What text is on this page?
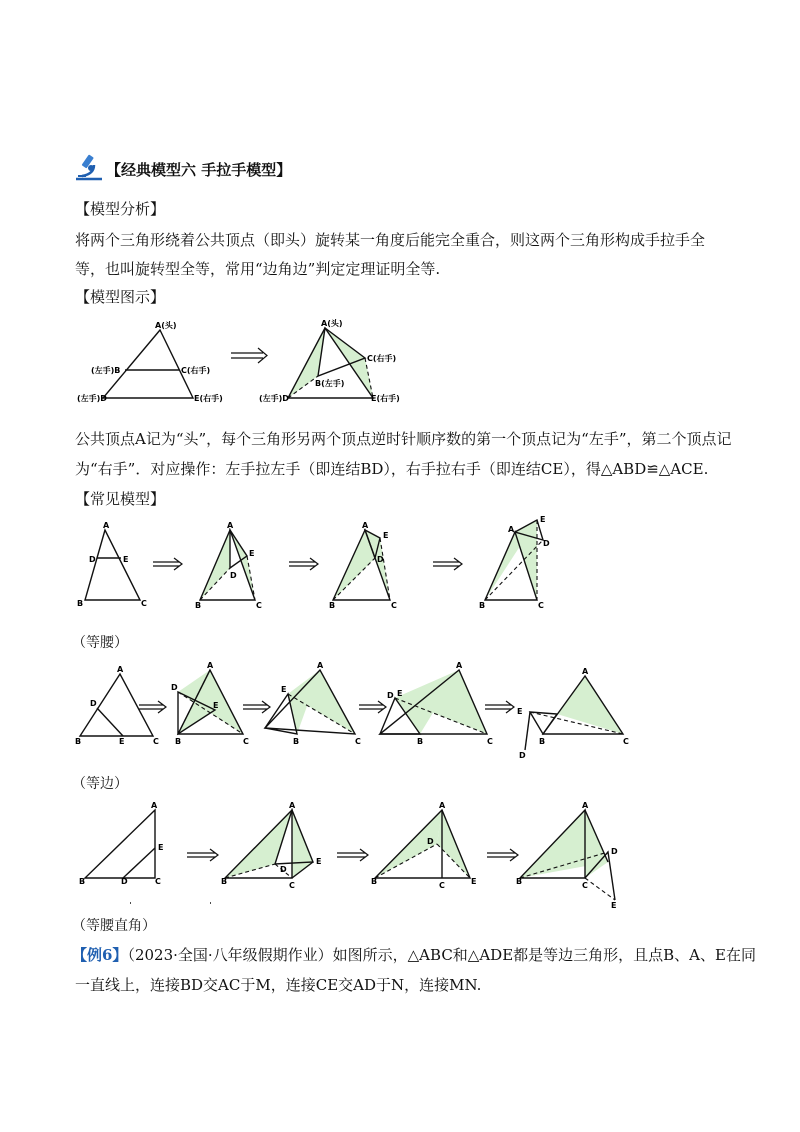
【经典模型六 手拉手模型】
【模型分析】
将两个三角形绕着公共顶点（即头）旋转某一角度后能完全重合，则这两个三角形构成手拉手全等，也叫旋转型全等，常用“边角边”判定定理证明全等.
【模型图示】
A(头)
(左手)B	C(右手)
(左手)D	E(右手)
A(头)
B(左手)
C(右手)
(左手)D	E(右手)
公共顶点A记为“头”，每个三角形另两个顶点逆时针顺序数的第一个顶点记为“左手”，第二个顶点记
为“右手”．对应操作：左手拉左手（即连结BD），右手拉右手（即连结CE），得△ABD≌△ACE.
【常见模型】
A
D	E
B	C
A
D
E
B	C
A
D
E
B	C
A
E
D
B	C
（等腰）
A
D
B	E	C
A
D
E
B	C
A
E
B	C
A
E
D
B	C
A
E
B
D
C
（等边）
A
E
B	D	C
A
E
D
B	C
A
D
B	C	E
A
D
B	C
E
（等腰直角）
【例6】（2023·全国·八年级假期作业）如图所示，△ABC和△ADE都是等边三角形，且点B、A、E在同
一直线上，连接BD交AC于M，连接CE交AD于N，连接MN.
